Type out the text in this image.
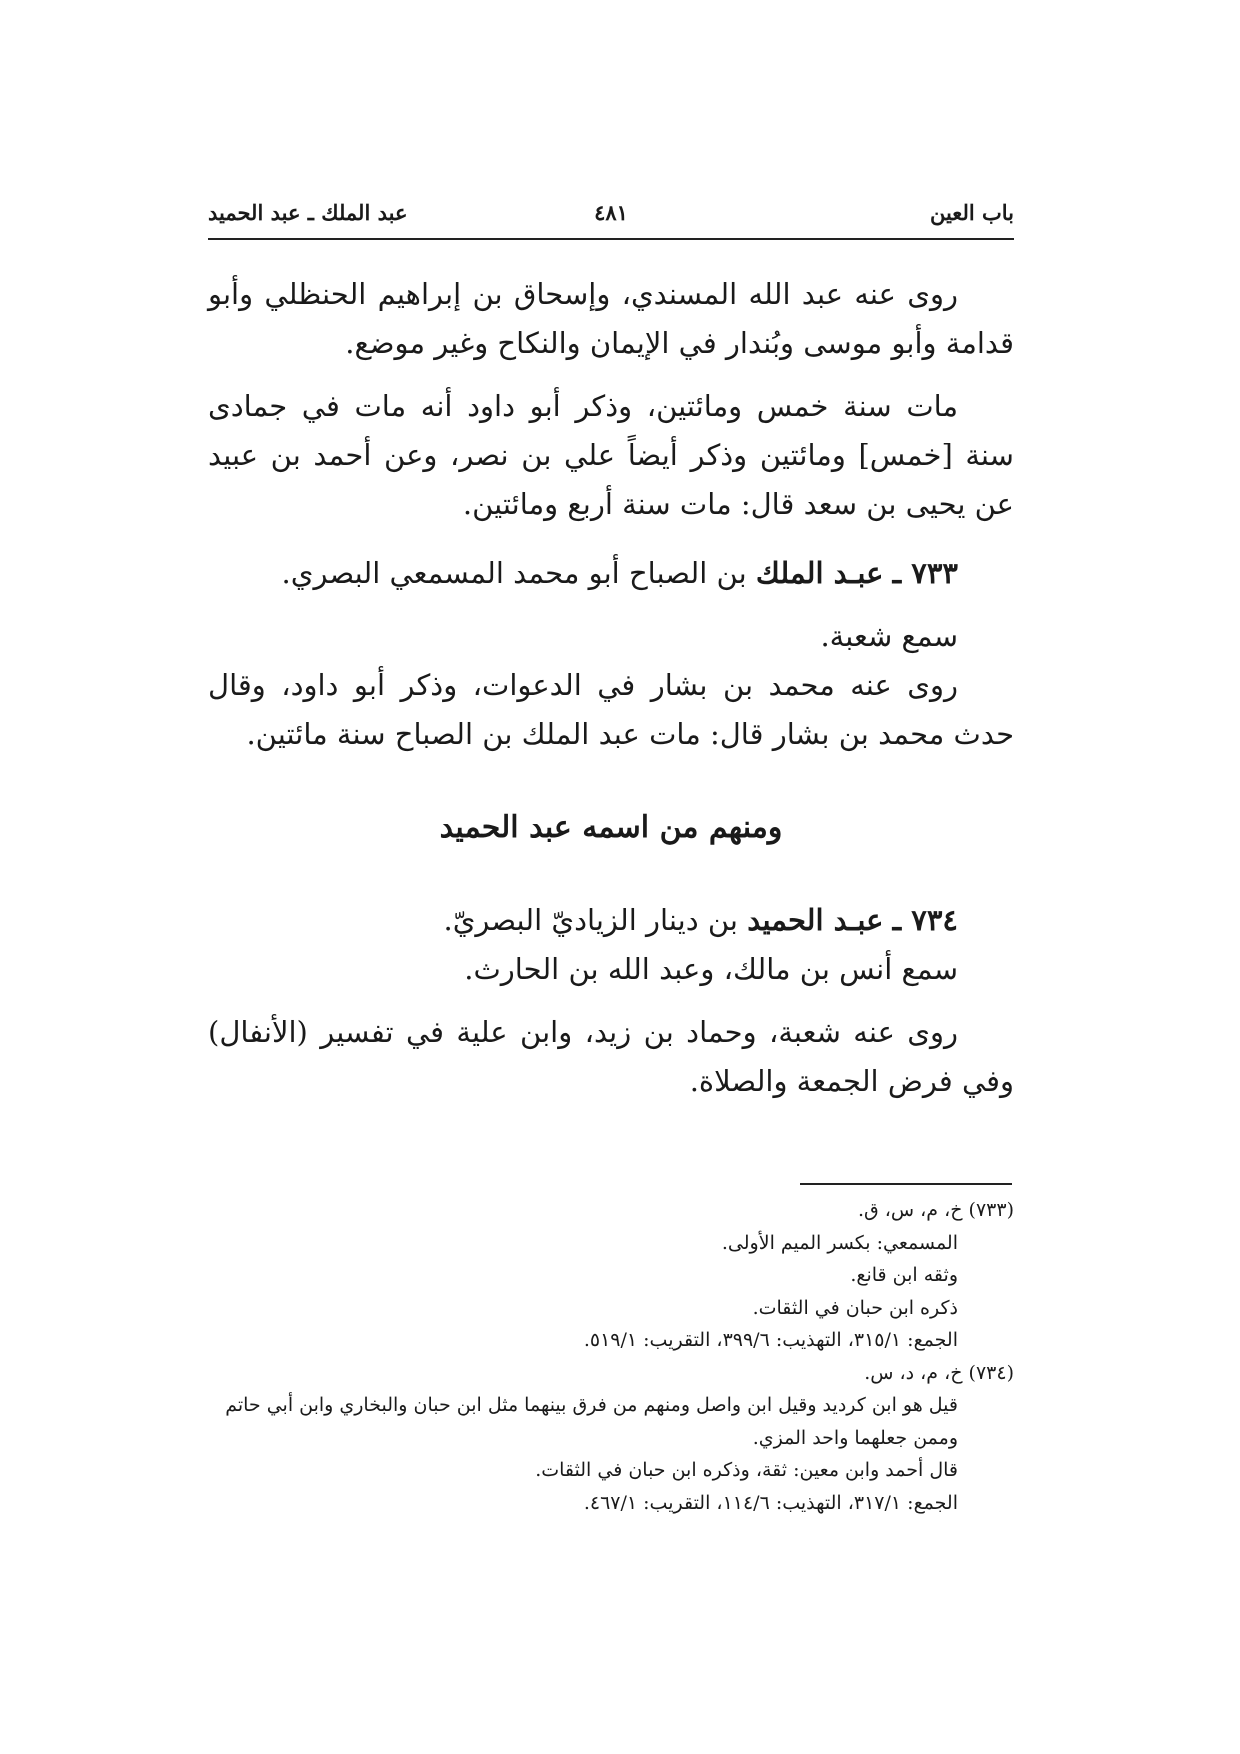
باب العين
٤٨١
عبد الملك ـ عبد الحميد

روى عنه عبد الله المسندي، وإسحاق بن إبراهيم الحنظلي وأبو قدامة وأبو موسى وبُندار في الإيمان والنكاح وغير موضع.

مات سنة خمس ومائتين، وذكر أبو داود أنه مات في جمادى سنة [خمس] ومائتين وذكر أيضاً علي بن نصر، وعن أحمد بن عبيد عن يحيى بن سعد قال: مات سنة أربع ومائتين.

٧٣٣ ـ عبـد الملك بن الصباح أبو محمد المسمعي البصري.

سمع شعبة.

روى عنه محمد بن بشار في الدعوات، وذكر أبو داود، وقال حدث محمد بن بشار قال: مات عبد الملك بن الصباح سنة مائتين.

ومنهم من اسمه عبد الحميد

٧٣٤ ـ عبـد الحميد بن دينار الزياديّ البصريّ.

سمع أنس بن مالك، وعبد الله بن الحارث.

روى عنه شعبة، وحماد بن زيد، وابن علية في تفسير (الأنفال) وفي فرض الجمعة والصلاة.

(٧٣٣) خ، م، س، ق.

المسمعي: بكسر الميم الأولى.

وثقه ابن قانع.

ذكره ابن حبان في الثقات.

الجمع: ٣١٥/١، التهذيب: ٣٩٩/٦، التقريب: ٥١٩/١.

(٧٣٤) خ، م، د، س.

قيل هو ابن كرديد وقيل ابن واصل ومنهم من فرق بينهما مثل ابن حبان والبخاري وابن أبي حاتم وممن جعلهما واحد المزي.

قال أحمد وابن معين: ثقة، وذكره ابن حبان في الثقات.

الجمع: ٣١٧/١، التهذيب: ١١٤/٦، التقريب: ٤٦٧/١.
